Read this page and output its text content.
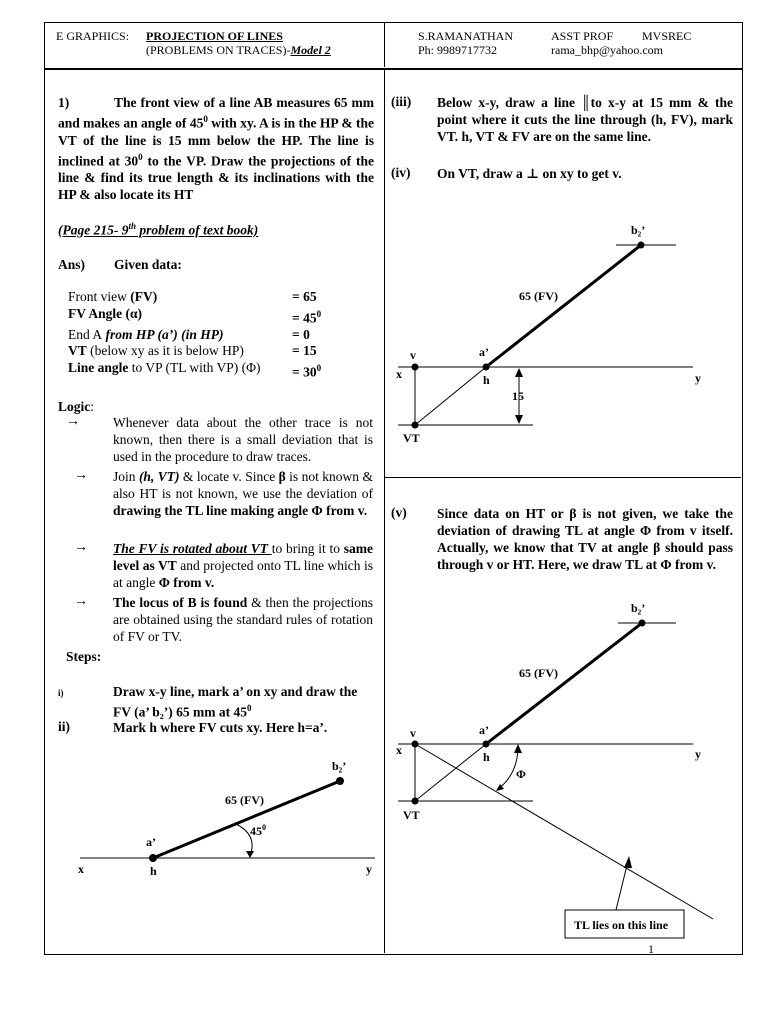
E GRAPHICS: PROJECTION OF LINES
(PROBLEMS ON TRACES)-Model 2
S.RAMANATHAN	ASST PROF MVSREC
Ph: 9989717732	rama_bhp@yahoo.com
1)	The front view of a line AB measures 65 mm and makes an angle of $45^0$ with xy. A is in the HP & the VT of the line is 15 mm below the HP. The line is inclined at $30^0$ to the VP. Draw the projections of the line & find its true length & its inclinations with the HP & also locate its HT
(Page 215- 9th problem of text book)
Ans) Given data:
Front view (FV)	= 65
FV Angle (α)	= $45^0$
End A from HP (a’) (in HP)	= 0
VT (below xy as it is below HP)	= 15
Line angle to VP (TL with VP) (Φ)	= $30^0$
Logic:
→ Whenever data about the other trace is not known, then there is a small deviation that is used in the procedure to draw traces.
→ Join (h, VT) & locate v. Since β is not known & also HT is not known, we use the deviation of drawing the TL line making angle Φ from v.
→ The FV is rotated about VT to bring it to same level as VT and projected onto TL line which is at angle Φ from v.
→ The locus of B is found & then the projections are obtained using the standard rules of rotation of FV or TV.
Steps:
i)	Draw x-y line, mark a’ on xy and draw the FV (a’ b₂’) 65 mm at $45^0$
ii)	Mark h where FV cuts xy. Here h=a’.
x	y
h
a’
b₂’
65 (FV)
$45^0$
(iii) Below x-y, draw a line ║to x-y at 15 mm & the point where it cuts the line through (h, FV), mark VT. h, VT & FV are on the same line.
(iv) On VT, draw a ⊥ on xy to get v.
x	y
v
VT
h
a’
b₂’
65 (FV)
15
(v) Since data on HT or β is not given, we take the deviation of drawing TL at angle Φ from v itself. Actually, we know that TV at angle β should pass through v or HT. Here, we draw TL at Φ from v.
TL lies on this line
x	y
v
VT
h
a’
b₂’
65 (FV)
Φ
1
